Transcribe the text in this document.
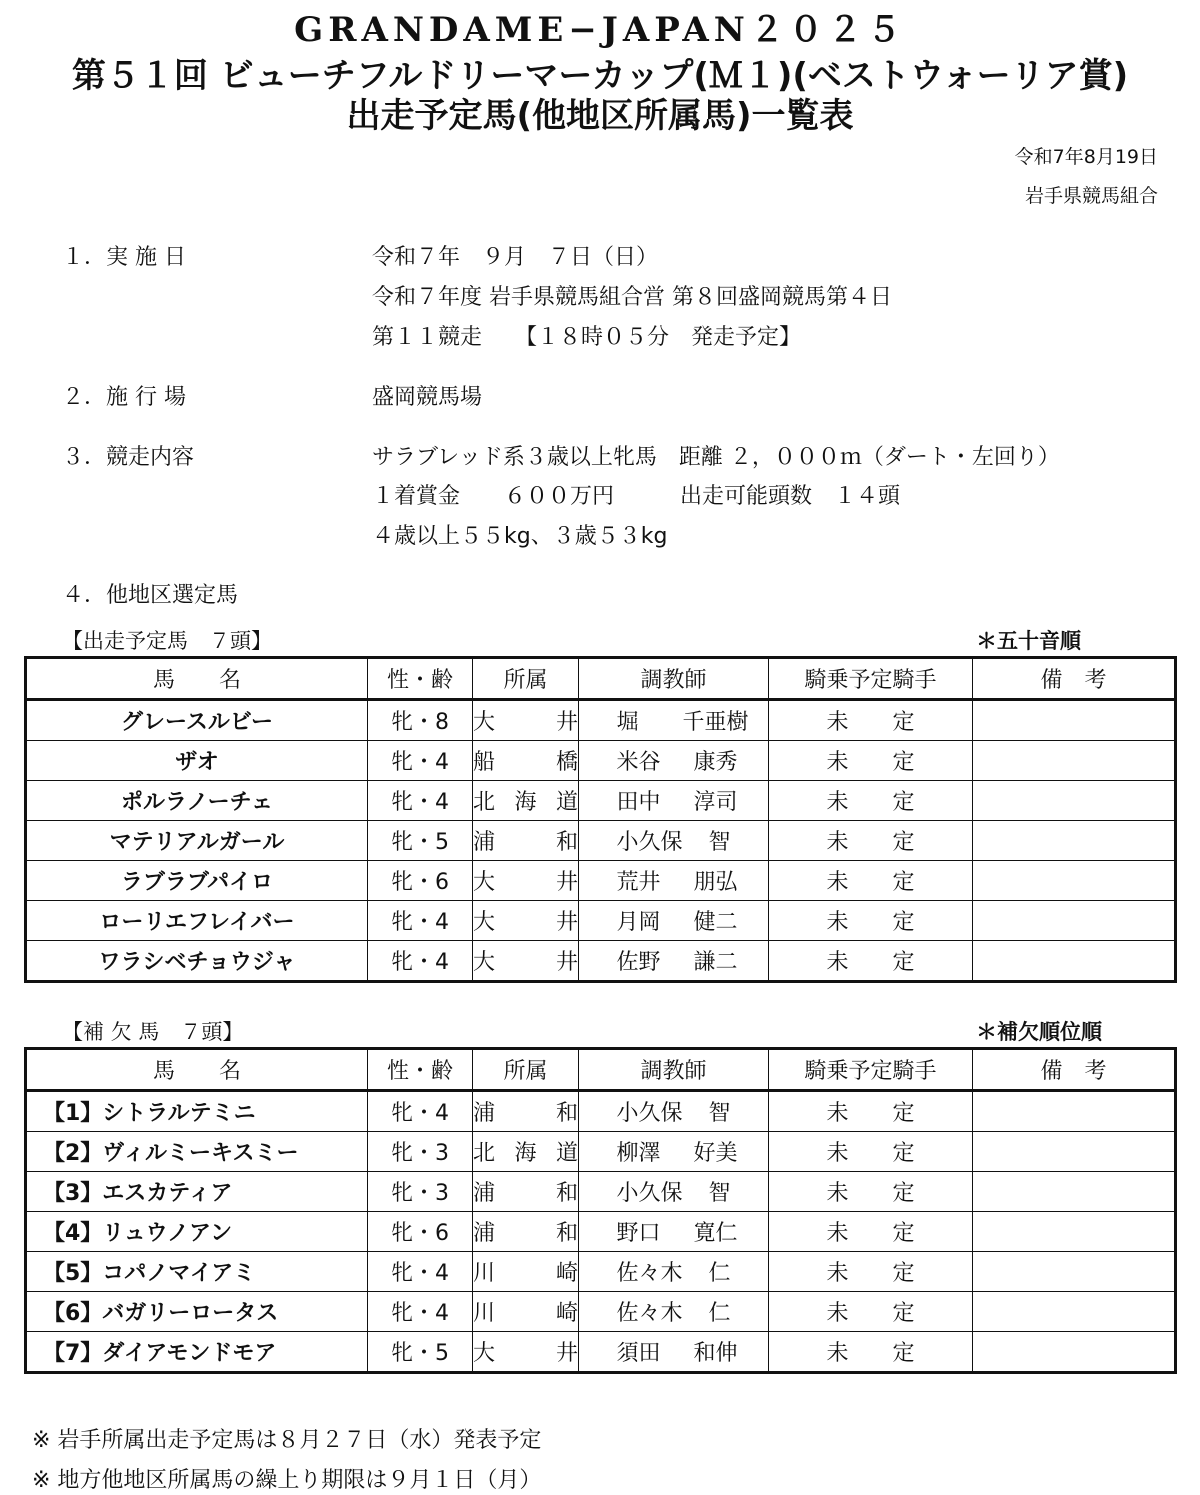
GRANDAME−JAPAN２０２５
第５１回 ビューチフルドリーマーカップ(Ｍ１)(ベストウォーリア賞)
出走予定馬(他地区所属馬)一覧表
令和7年8月19日
岩手県競馬組合
１．実 施 日	令和７年　９月　７日（日）
令和７年度 岩手県競馬組合営 第８回盛岡競馬第４日
第１１競走　　【１８時０５分　発走予定】
２．施 行 場	盛岡競馬場
３．競走内容	サラブレッド系３歳以上牝馬　距離 ２，０００ｍ（ダート・左回り）
１着賞金　　６００万円　　　出走可能頭数　１４頭
４歳以上５５kg、３歳５３kg
４．他地区選定馬
【出走予定馬　７頭】	＊五十音順
馬　　名	性・齢	所属	調教師	騎乗予定騎手	備　考
グレースルビー	牝・8	大井	堀 千亜樹	未　　定	
ザオ	牝・4	船橋	米谷 康秀	未　　定	
ポルラノーチェ	牝・4	北海道	田中 淳司	未　　定	
マテリアルガール	牝・5	浦和	小久保 智	未　　定	
ラブラブパイロ	牝・6	大井	荒井 朋弘	未　　定	
ローリエフレイバー	牝・4	大井	月岡 健二	未　　定	
ワラシベチョウジャ	牝・4	大井	佐野 謙二	未　　定	
【補 欠 馬　７頭】	＊補欠順位順
馬　　名	性・齢	所属	調教師	騎乗予定騎手	備　考
【1】シトラルテミニ	牝・4	浦和	小久保 智	未　　定	
【2】ヴィルミーキスミー	牝・3	北海道	柳澤 好美	未　　定	
【3】エスカティア	牝・3	浦和	小久保 智	未　　定	
【4】リュウノアン	牝・6	浦和	野口 寛仁	未　　定	
【5】コパノマイアミ	牝・4	川崎	佐々木 仁	未　　定	
【6】バガリーロータス	牝・4	川崎	佐々木 仁	未　　定	
【7】ダイアモンドモア	牝・5	大井	須田 和伸	未　　定	
※ 岩手所属出走予定馬は８月２７日（水）発表予定
※ 地方他地区所属馬の繰上り期限は９月１日（月）
